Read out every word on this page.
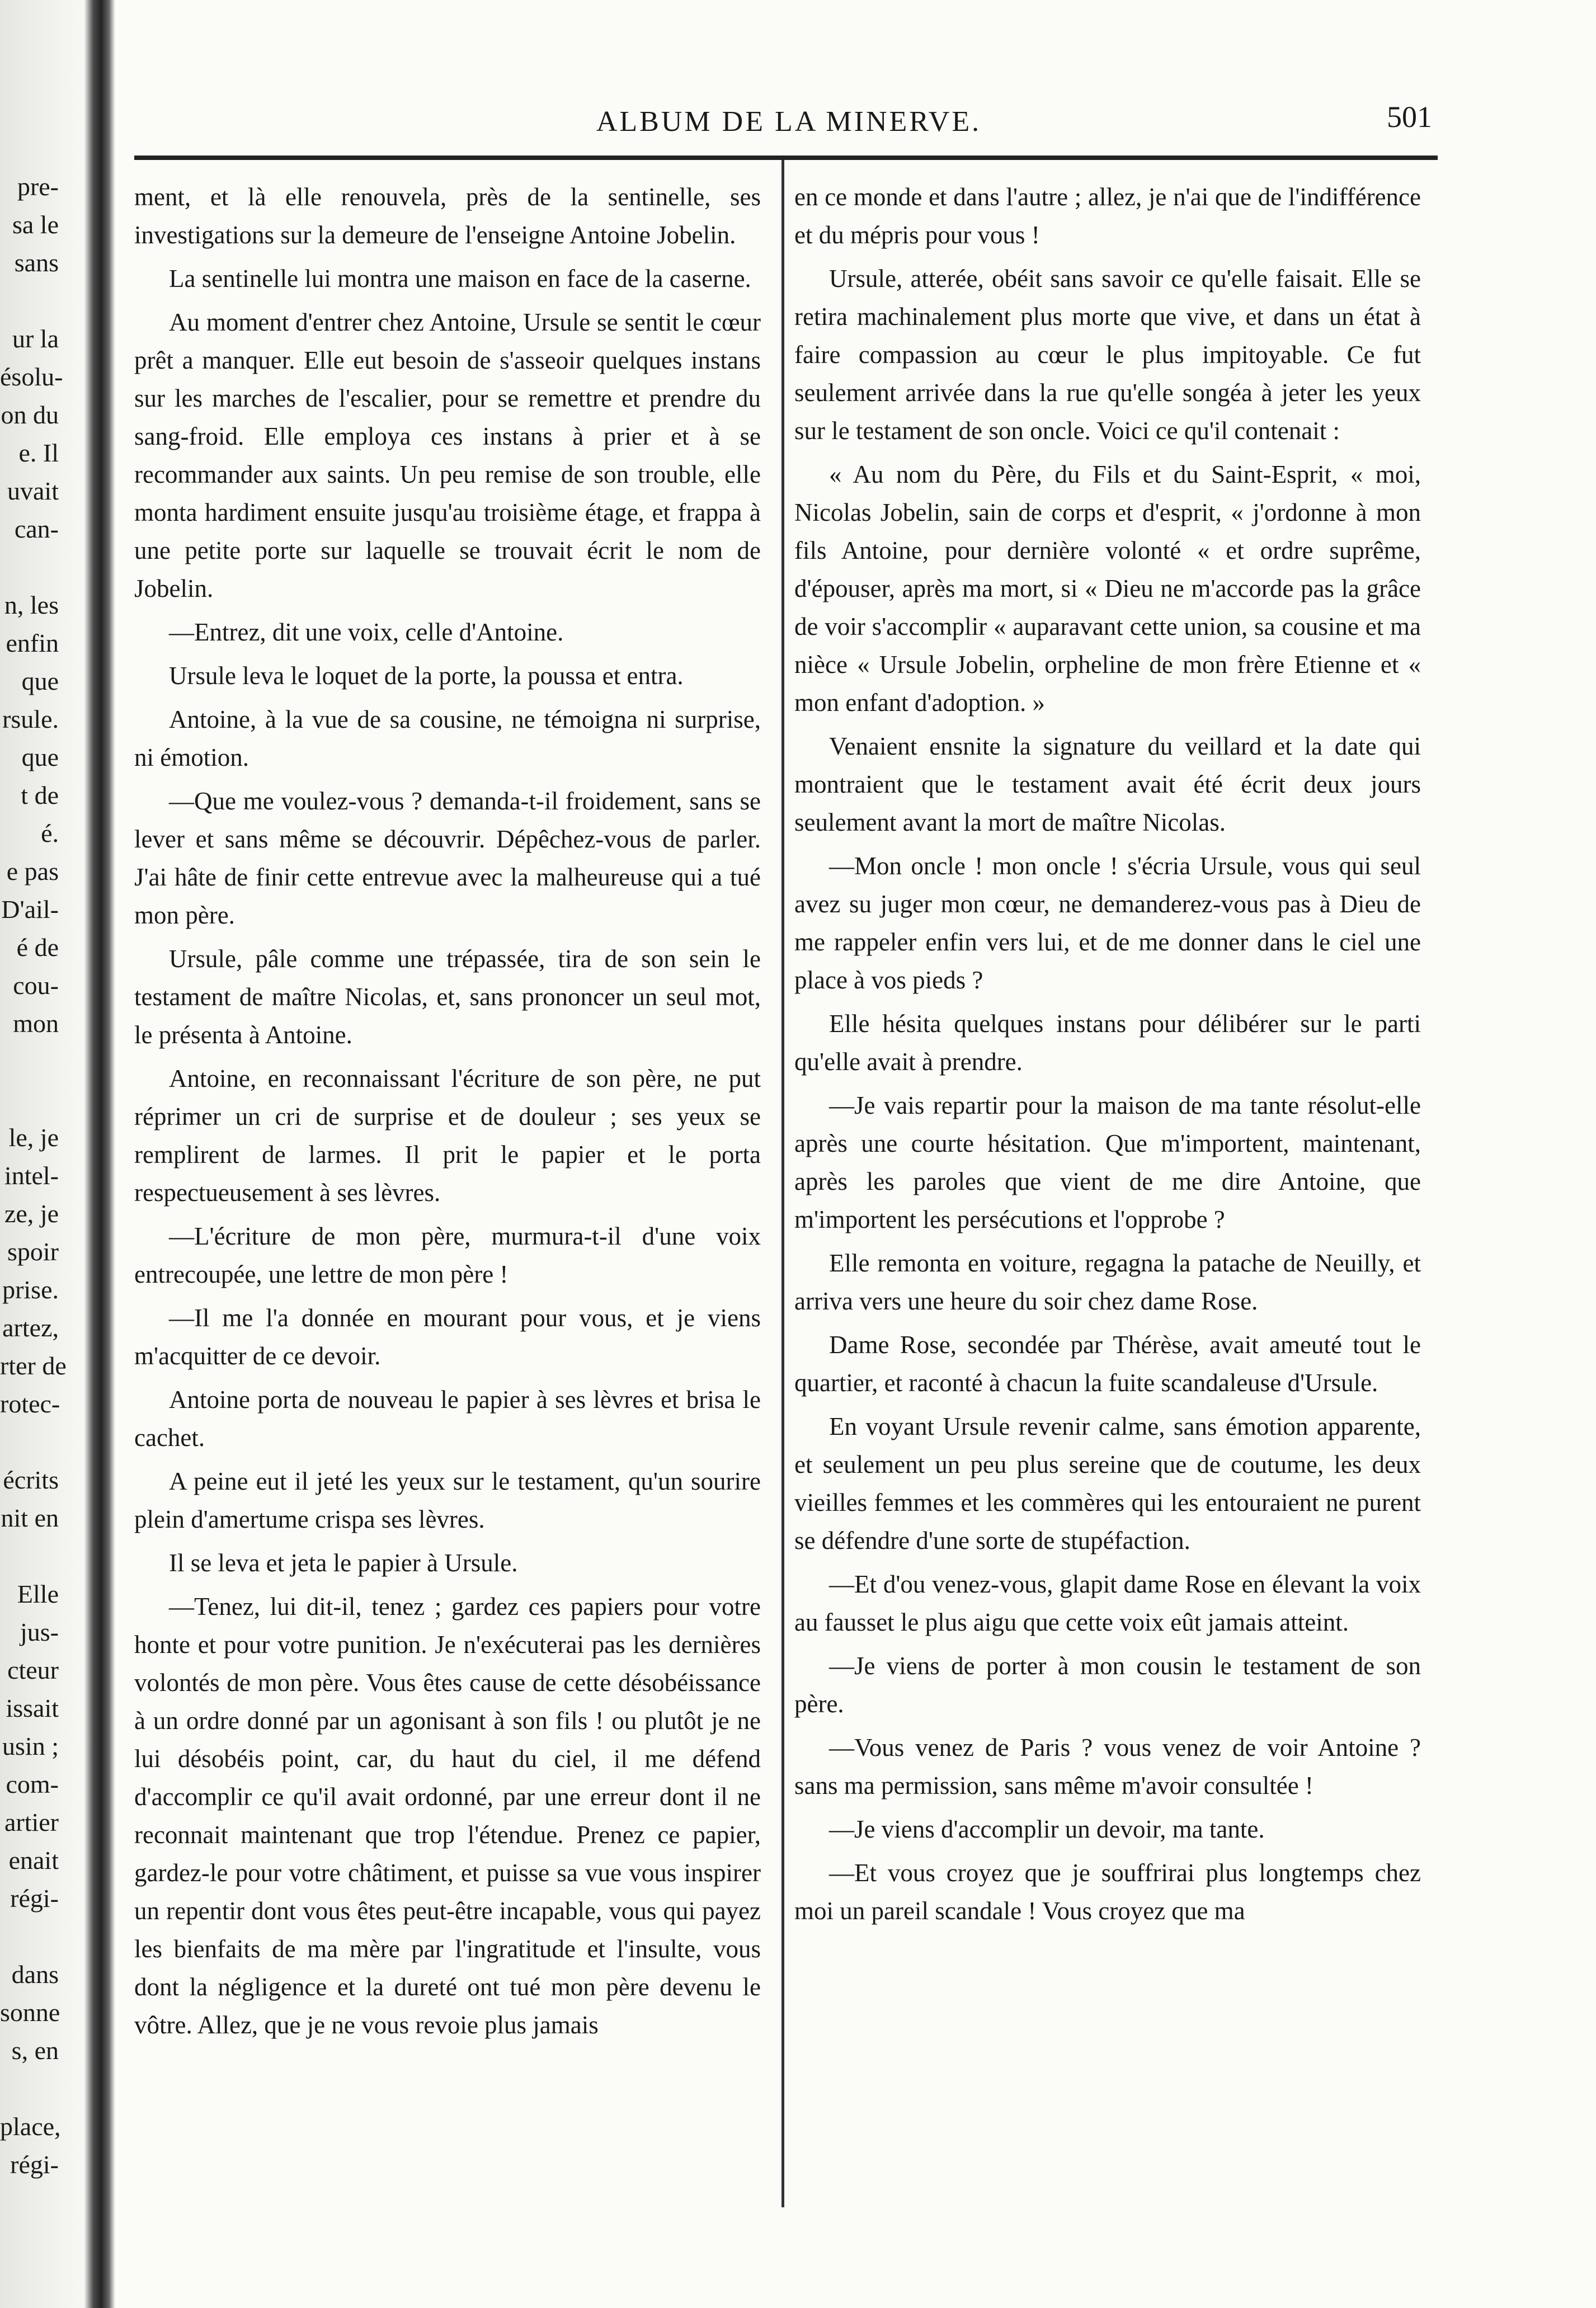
pre-
sa le
sans
ur la
ésolu-
on du
e. Il
uvait
can-
n, les
enfin
que
rsule.
que
t de
é.
e pas
D'ail-
é de
cou-
mon
le, je
intel-
ze, je
spoir
prise.
artez,
rter de
rotec-
écrits
nit en
Elle
jus-
cteur
issait
usin ;
com-
artier
enait
régi-
dans
sonne
s, en
place,
régi-
ALBUM DE LA MINERVE.	501

ment, et là elle renouvela, près de la sentinelle, ses investigations sur la demeure de l'enseigne Antoine Jobelin.

La sentinelle lui montra une maison en face de la caserne.

Au moment d'entrer chez Antoine, Ursule se sentit le cœur prêt a manquer. Elle eut besoin de s'asseoir quelques instans sur les marches de l'escalier, pour se remettre et prendre du sang-froid. Elle employa ces instans à prier et à se recommander aux saints. Un peu remise de son trouble, elle monta hardiment ensuite jusqu'au troisième étage, et frappa à une petite porte sur laquelle se trouvait écrit le nom de Jobelin.

—Entrez, dit une voix, celle d'Antoine.

Ursule leva le loquet de la porte, la poussa et entra.

Antoine, à la vue de sa cousine, ne témoigna ni surprise, ni émotion.

—Que me voulez-vous ? demanda-t-il froidement, sans se lever et sans même se découvrir. Dépêchez-vous de parler. J'ai hâte de finir cette entrevue avec la malheureuse qui a tué mon père.

Ursule, pâle comme une trépassée, tira de son sein le testament de maître Nicolas, et, sans prononcer un seul mot, le présenta à Antoine.

Antoine, en reconnaissant l'écriture de son père, ne put réprimer un cri de surprise et de douleur ; ses yeux se remplirent de larmes. Il prit le papier et le porta respectueusement à ses lèvres.

—L'écriture de mon père, murmura-t-il d'une voix entrecoupée, une lettre de mon père !

—Il me l'a donnée en mourant pour vous, et je viens m'acquitter de ce devoir.

Antoine porta de nouveau le papier à ses lèvres et brisa le cachet.

A peine eut il jeté les yeux sur le testament, qu'un sourire plein d'amertume crispa ses lèvres.

Il se leva et jeta le papier à Ursule.

—Tenez, lui dit-il, tenez ; gardez ces papiers pour votre honte et pour votre punition. Je n'exécuterai pas les dernières volontés de mon père. Vous êtes cause de cette désobéissance à un ordre donné par un agonisant à son fils ! ou plutôt je ne lui désobéis point, car, du haut du ciel, il me défend d'accomplir ce qu'il avait ordonné, par une erreur dont il ne reconnait maintenant que trop l'étendue. Prenez ce papier, gardez-le pour votre châtiment, et puisse sa vue vous inspirer un repentir dont vous êtes peut-être incapable, vous qui payez les bienfaits de ma mère par l'ingratitude et l'insulte, vous dont la négligence et la dureté ont tué mon père devenu le vôtre. Allez, que je ne vous revoie plus jamais

en ce monde et dans l'autre ; allez, je n'ai que de l'indifférence et du mépris pour vous !

Ursule, atterée, obéit sans savoir ce qu'elle faisait. Elle se retira machinalement plus morte que vive, et dans un état à faire compassion au cœur le plus impitoyable. Ce fut seulement arrivée dans la rue qu'elle songéa à jeter les yeux sur le testament de son oncle. Voici ce qu'il contenait :

« Au nom du Père, du Fils et du Saint-Esprit, « moi, Nicolas Jobelin, sain de corps et d'esprit, « j'ordonne à mon fils Antoine, pour dernière volonté « et ordre suprême, d'épouser, après ma mort, si « Dieu ne m'accorde pas la grâce de voir s'accomplir « auparavant cette union, sa cousine et ma nièce « Ursule Jobelin, orpheline de mon frère Etienne et « mon enfant d'adoption. »

Venaient ensnite la signature du veillard et la date qui montraient que le testament avait été écrit deux jours seulement avant la mort de maître Nicolas.

—Mon oncle ! mon oncle ! s'écria Ursule, vous qui seul avez su juger mon cœur, ne demanderez-vous pas à Dieu de me rappeler enfin vers lui, et de me donner dans le ciel une place à vos pieds ?

Elle hésita quelques instans pour délibérer sur le parti qu'elle avait à prendre.

—Je vais repartir pour la maison de ma tante résolut-elle après une courte hésitation. Que m'importent, maintenant, après les paroles que vient de me dire Antoine, que m'importent les persécutions et l'opprobe ?

Elle remonta en voiture, regagna la patache de Neuilly, et arriva vers une heure du soir chez dame Rose.

Dame Rose, secondée par Thérèse, avait ameuté tout le quartier, et raconté à chacun la fuite scandaleuse d'Ursule.

En voyant Ursule revenir calme, sans émotion apparente, et seulement un peu plus sereine que de coutume, les deux vieilles femmes et les commères qui les entouraient ne purent se défendre d'une sorte de stupéfaction.

—Et d'ou venez-vous, glapit dame Rose en élevant la voix au fausset le plus aigu que cette voix eût jamais atteint.

—Je viens de porter à mon cousin le testament de son père.

—Vous venez de Paris ? vous venez de voir Antoine ? sans ma permission, sans même m'avoir consultée !

—Je viens d'accomplir un devoir, ma tante.

—Et vous croyez que je souffrirai plus longtemps chez moi un pareil scandale ! Vous croyez que ma
